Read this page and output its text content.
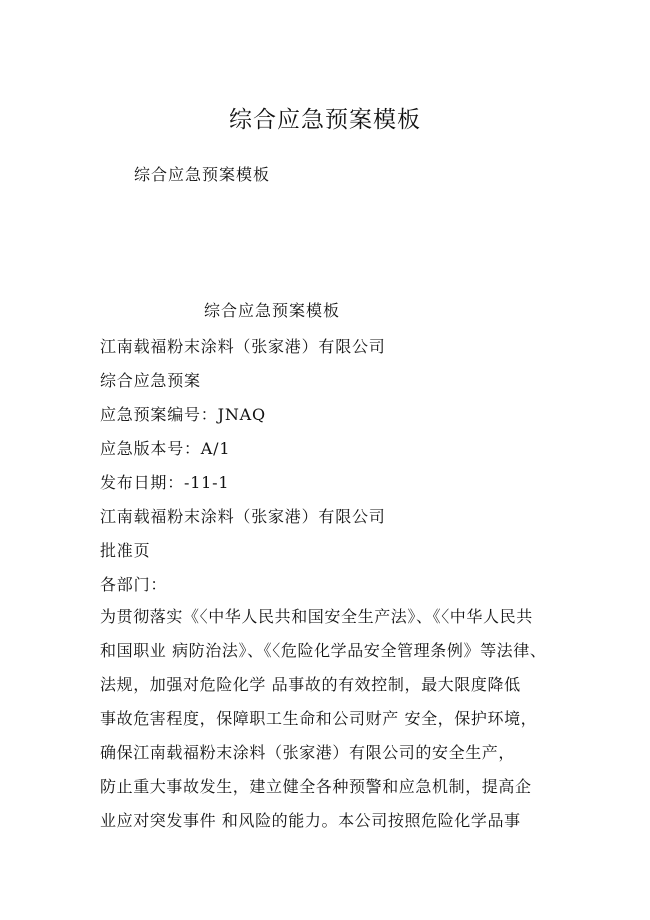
综合应急预案模板

综合应急预案模板

综合应急预案模板

江南载福粉末涂料（张家港）有限公司
综合应急预案
应急预案编号：JNAQ
应急版本号：A/1
发布日期：-11-1
江南载福粉末涂料（张家港）有限公司
批准页
各部门：
为贯彻落实《〈中华人民共和国安全生产法》、《〈中华人民共
和国职业 病防治法》、《〈危险化学品安全管理条例》等法律、
法规，加强对危险化学 品事故的有效控制，最大限度降低
事故危害程度，保障职工生命和公司财产 安全，保护环境，
确保江南载福粉末涂料（张家港）有限公司的安全生产，
防止重大事故发生，建立健全各种预警和应急机制，提高企
业应对突发事件 和风险的能力。本公司按照危险化学品事
